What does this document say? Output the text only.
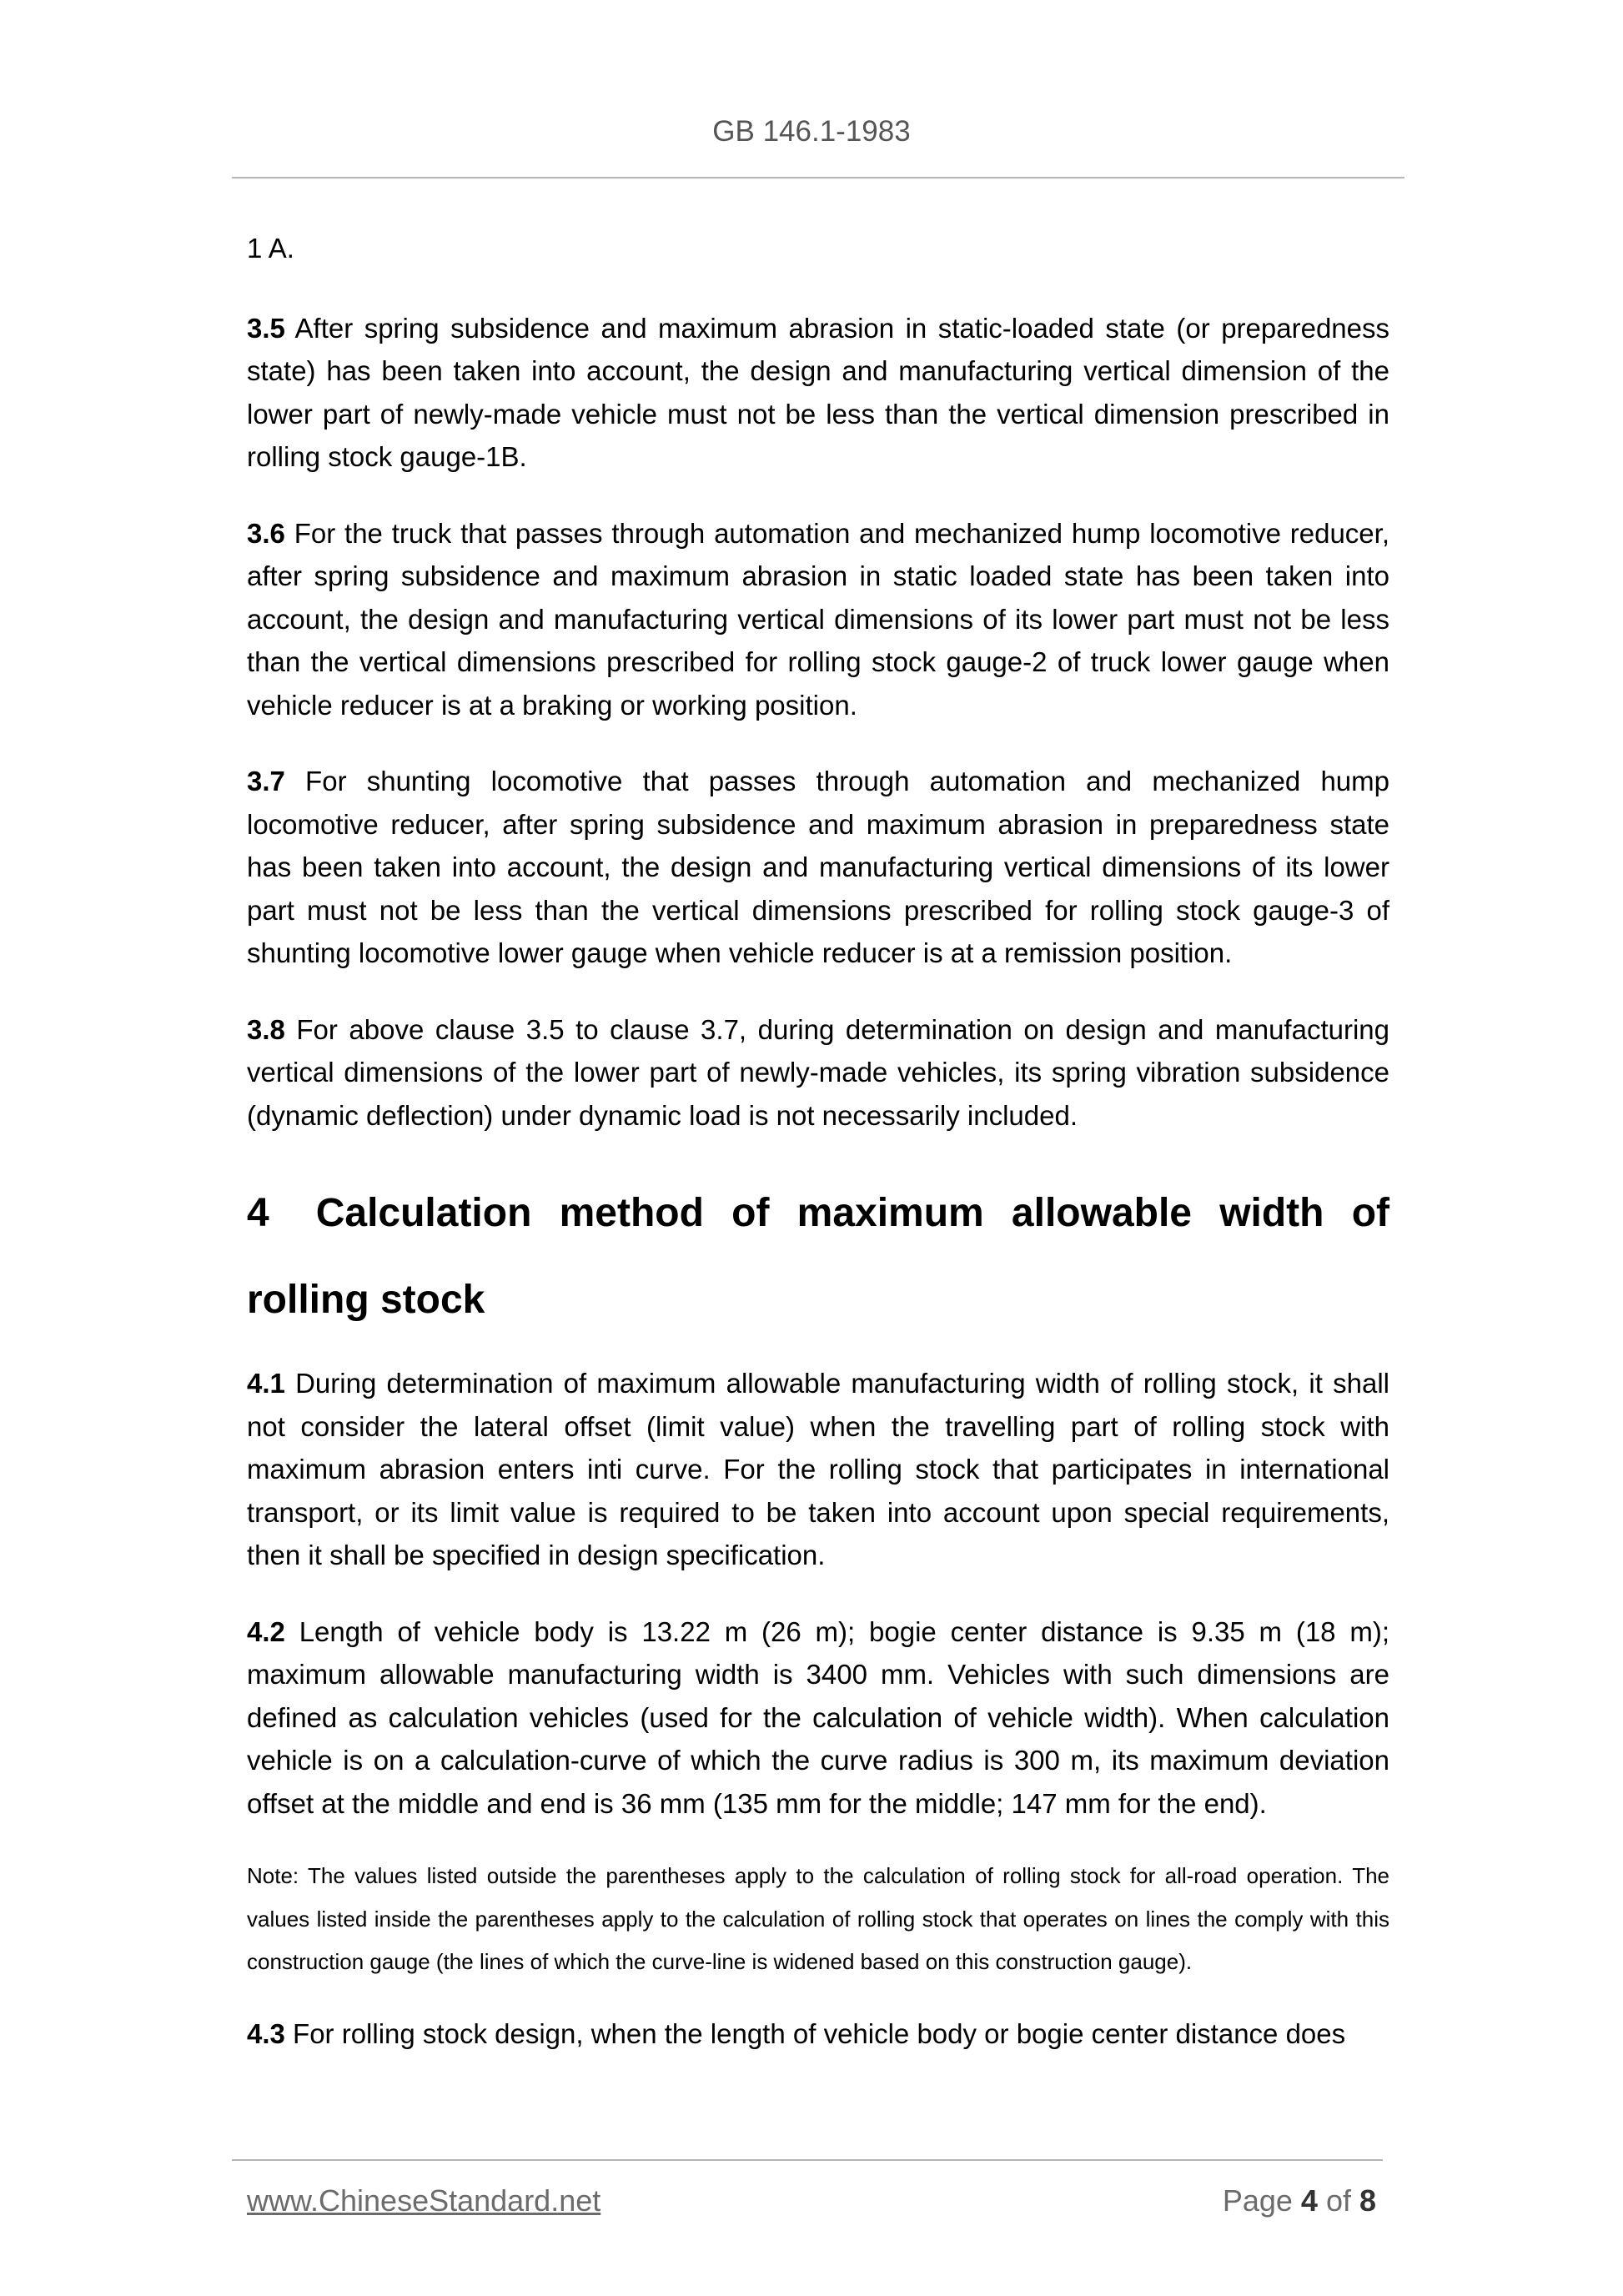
GB 146.1-1983

1 A.

3.5 After spring subsidence and maximum abrasion in static-loaded state (or preparedness state) has been taken into account, the design and manufacturing vertical dimension of the lower part of newly-made vehicle must not be less than the vertical dimension prescribed in rolling stock gauge-1B.

3.6 For the truck that passes through automation and mechanized hump locomotive reducer, after spring subsidence and maximum abrasion in static loaded state has been taken into account, the design and manufacturing vertical dimensions of its lower part must not be less than the vertical dimensions prescribed for rolling stock gauge-2 of truck lower gauge when vehicle reducer is at a braking or working position.

3.7 For shunting locomotive that passes through automation and mechanized hump locomotive reducer, after spring subsidence and maximum abrasion in preparedness state has been taken into account, the design and manufacturing vertical dimensions of its lower part must not be less than the vertical dimensions prescribed for rolling stock gauge-3 of shunting locomotive lower gauge when vehicle reducer is at a remission position.

3.8 For above clause 3.5 to clause 3.7, during determination on design and manufacturing vertical dimensions of the lower part of newly-made vehicles, its spring vibration subsidence (dynamic deflection) under dynamic load is not necessarily included.

4 Calculation method of maximum allowable width of rolling stock

4.1 During determination of maximum allowable manufacturing width of rolling stock, it shall not consider the lateral offset (limit value) when the travelling part of rolling stock with maximum abrasion enters inti curve. For the rolling stock that participates in international transport, or its limit value is required to be taken into account upon special requirements, then it shall be specified in design specification.

4.2 Length of vehicle body is 13.22 m (26 m); bogie center distance is 9.35 m (18 m); maximum allowable manufacturing width is 3400 mm. Vehicles with such dimensions are defined as calculation vehicles (used for the calculation of vehicle width). When calculation vehicle is on a calculation-curve of which the curve radius is 300 m, its maximum deviation offset at the middle and end is 36 mm (135 mm for the middle; 147 mm for the end).

Note: The values listed outside the parentheses apply to the calculation of rolling stock for all-road operation. The values listed inside the parentheses apply to the calculation of rolling stock that operates on lines the comply with this construction gauge (the lines of which the curve-line is widened based on this construction gauge).

4.3 For rolling stock design, when the length of vehicle body or bogie center distance does

www.ChineseStandard.net	Page 4 of 8
